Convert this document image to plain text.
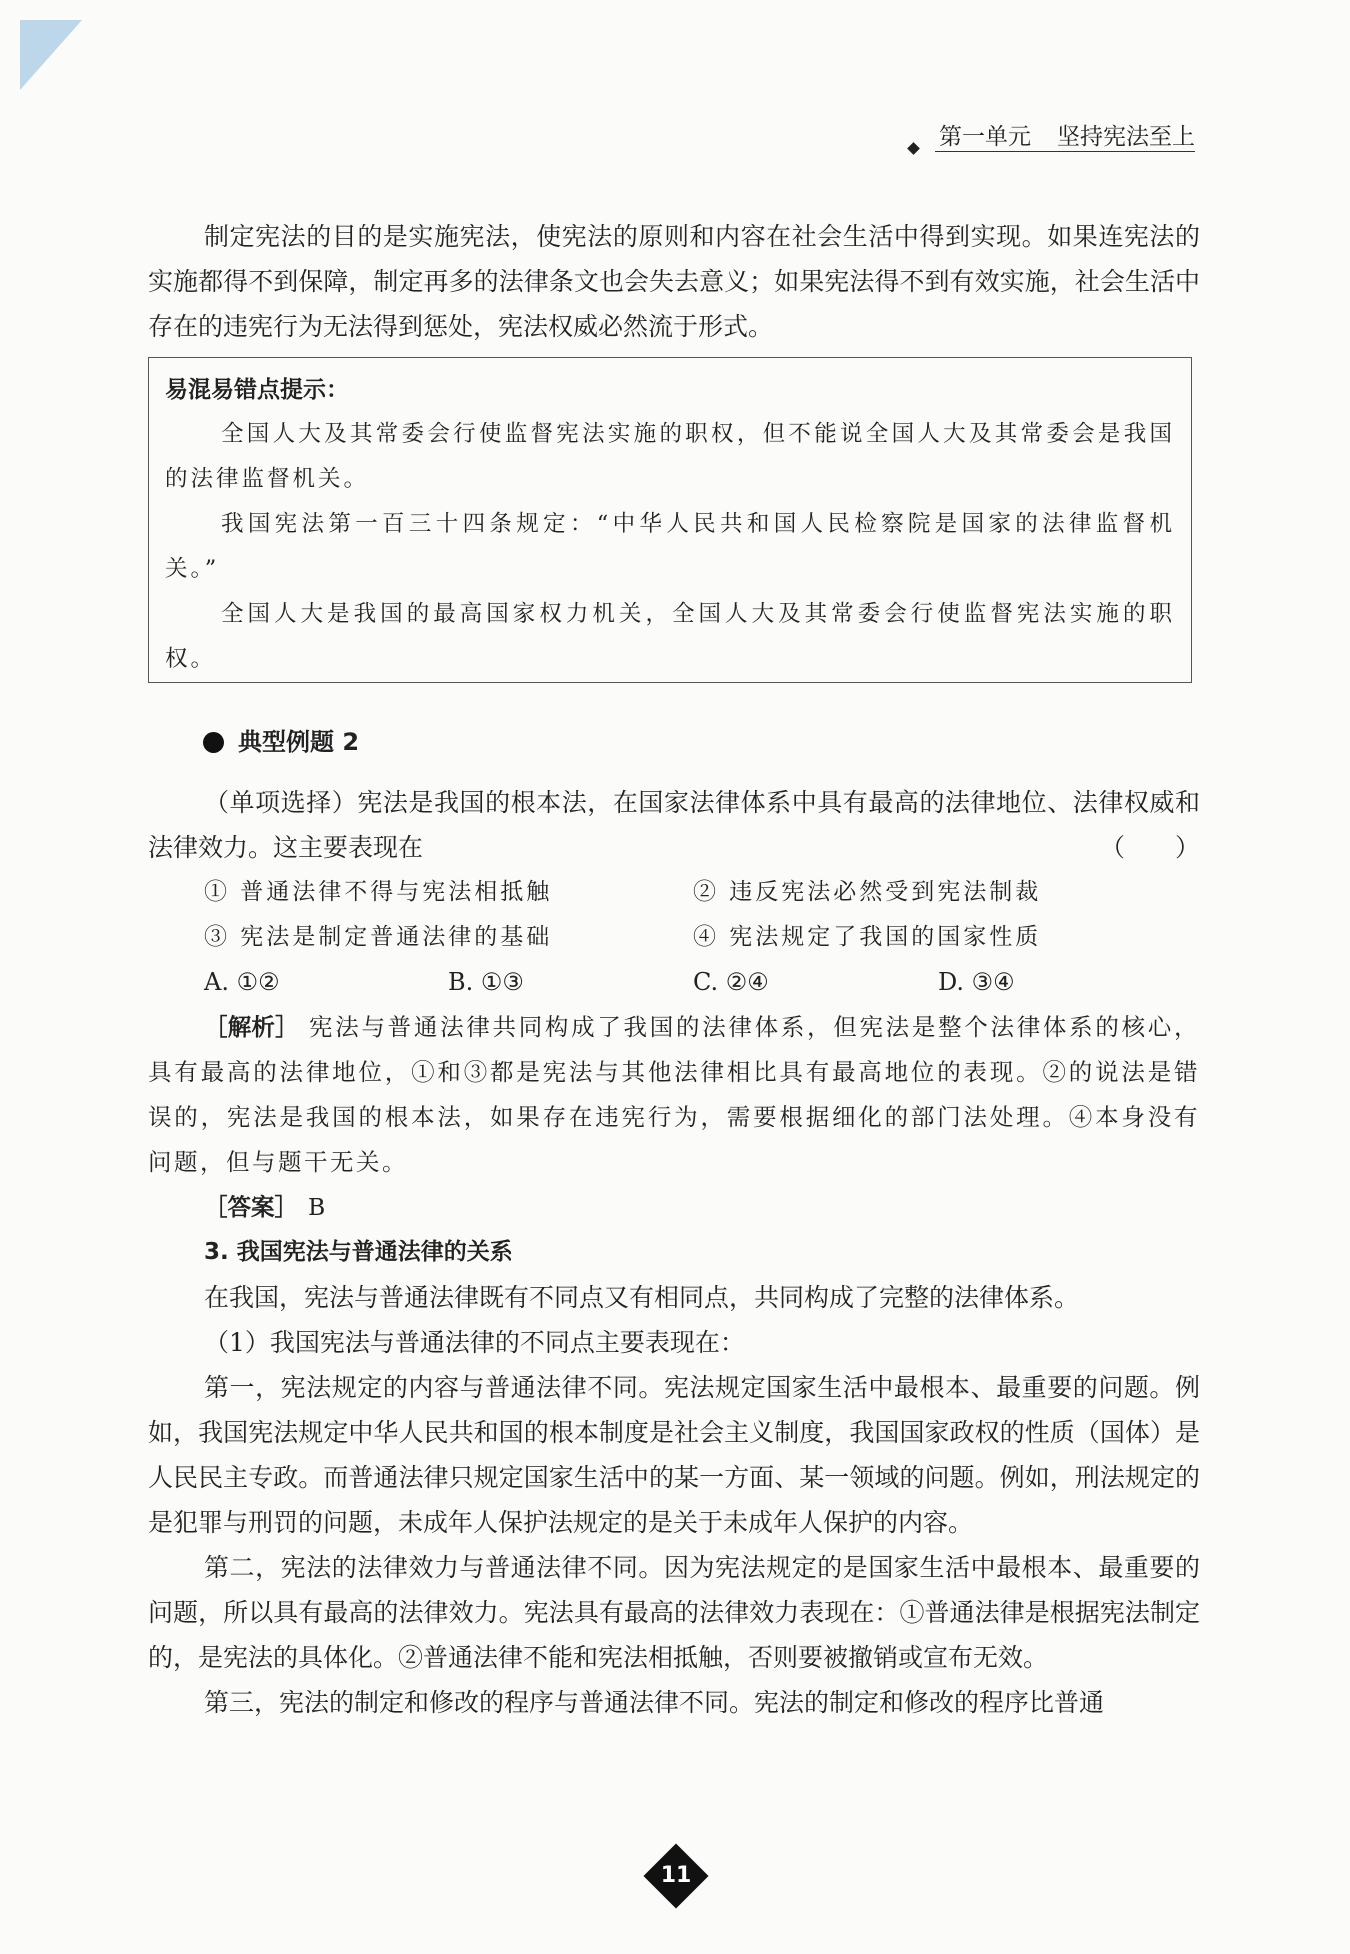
第一单元 坚持宪法至上

制定宪法的目的是实施宪法，使宪法的原则和内容在社会生活中得到实现。如果连宪法的实施都得不到保障，制定再多的法律条文也会失去意义；如果宪法得不到有效实施，社会生活中存在的违宪行为无法得到惩处，宪法权威必然流于形式。

易混易错点提示：

全国人大及其常委会行使监督宪法实施的职权，但不能说全国人大及其常委会是我国的法律监督机关。

我国宪法第一百三十四条规定：“中华人民共和国人民检察院是国家的法律监督机关。”

全国人大是我国的最高国家权力机关，全国人大及其常委会行使监督宪法实施的职权。

典型例题 2

（单项选择）宪法是我国的根本法，在国家法律体系中具有最高的法律地位、法律权威和法律效力。这主要表现在	（　　）
① 普通法律不得与宪法相抵触	② 违反宪法必然受到宪法制裁
③ 宪法是制定普通法律的基础	④ 宪法规定了我国的国家性质
A. ①②	B. ①③	C. ②④	D. ③④

［解析］ 宪法与普通法律共同构成了我国的法律体系，但宪法是整个法律体系的核心，具有最高的法律地位，①和③都是宪法与其他法律相比具有最高地位的表现。②的说法是错误的，宪法是我国的根本法，如果存在违宪行为，需要根据细化的部门法处理。④本身没有问题，但与题干无关。

［答案］ B

3. 我国宪法与普通法律的关系

在我国，宪法与普通法律既有不同点又有相同点，共同构成了完整的法律体系。

（1）我国宪法与普通法律的不同点主要表现在：

第一，宪法规定的内容与普通法律不同。宪法规定国家生活中最根本、最重要的问题。例如，我国宪法规定中华人民共和国的根本制度是社会主义制度，我国国家政权的性质（国体）是人民民主专政。而普通法律只规定国家生活中的某一方面、某一领域的问题。例如，刑法规定的是犯罪与刑罚的问题，未成年人保护法规定的是关于未成年人保护的内容。

第二，宪法的法律效力与普通法律不同。因为宪法规定的是国家生活中最根本、最重要的问题，所以具有最高的法律效力。宪法具有最高的法律效力表现在：①普通法律是根据宪法制定的，是宪法的具体化。②普通法律不能和宪法相抵触，否则要被撤销或宣布无效。

第三，宪法的制定和修改的程序与普通法律不同。宪法的制定和修改的程序比普通

11
